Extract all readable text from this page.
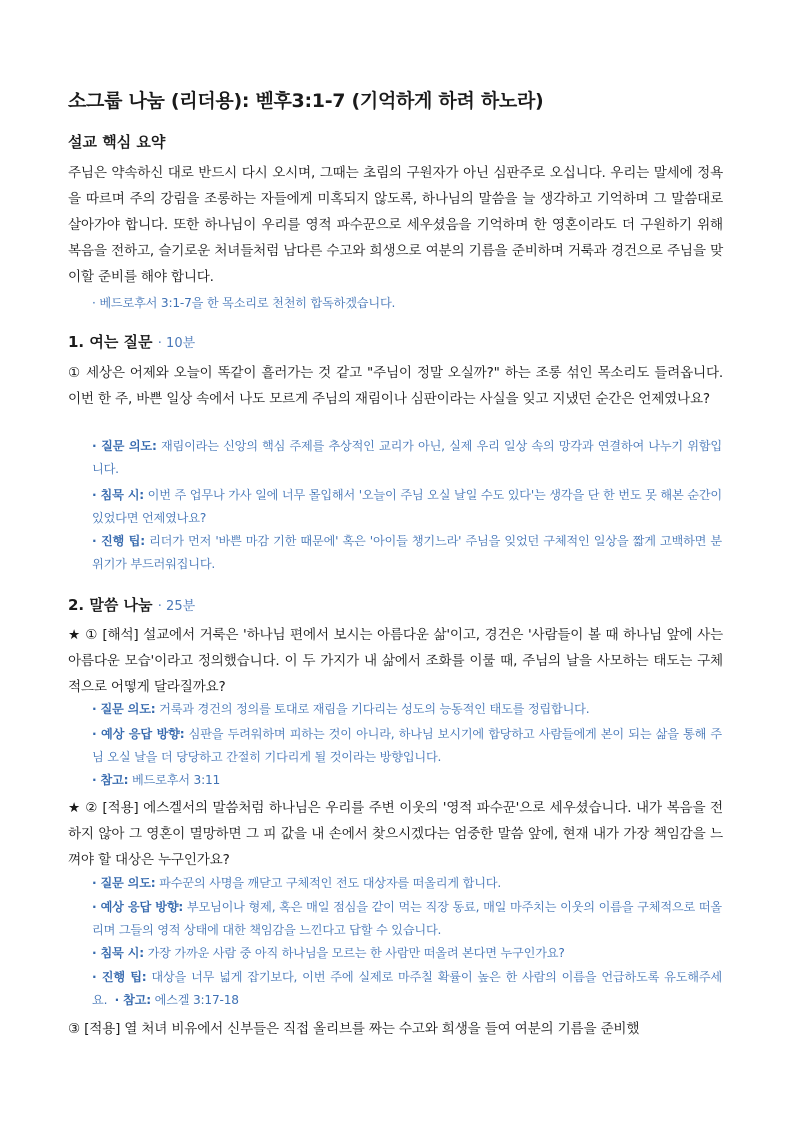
소그룹 나눔 (리더용): 벧후3:1-7 (기억하게 하려 하노라)
설교 핵심 요약

주님은 약속하신 대로 반드시 다시 오시며, 그때는 초림의 구원자가 아닌 심판주로 오십니다. 우리는 말세에 정욕을 따르며 주의 강림을 조롱하는 자들에게 미혹되지 않도록, 하나님의 말씀을 늘 생각하고 기억하며 그 말씀대로 살아가야 합니다. 또한 하나님이 우리를 영적 파수꾼으로 세우셨음을 기억하며 한 영혼이라도 더 구원하기 위해 복음을 전하고, 슬기로운 처녀들처럼 남다른 수고와 희생으로 여분의 기름을 준비하며 거룩과 경건으로 주님을 맞이할 준비를 해야 합니다.

· 베드로후서 3:1-7을 한 목소리로 천천히 합독하겠습니다.

1. 여는 질문 · 10분

① 세상은 어제와 오늘이 똑같이 흘러가는 것 같고 "주님이 정말 오실까?" 하는 조롱 섞인 목소리도 들려옵니다. 이번 한 주, 바쁜 일상 속에서 나도 모르게 주님의 재림이나 심판이라는 사실을 잊고 지냈던 순간은 언제였나요?

· 질문 의도: 재림이라는 신앙의 핵심 주제를 추상적인 교리가 아닌, 실제 우리 일상 속의 망각과 연결하여 나누기 위함입니다.

· 침묵 시: 이번 주 업무나 가사 일에 너무 몰입해서 '오늘이 주님 오실 날일 수도 있다'는 생각을 단 한 번도 못 해본 순간이 있었다면 언제였나요?

· 진행 팁: 리더가 먼저 '바쁜 마감 기한 때문에' 혹은 '아이들 챙기느라' 주님을 잊었던 구체적인 일상을 짧게 고백하면 분위기가 부드러워집니다.

2. 말씀 나눔 · 25분

★ ① [해석] 설교에서 거룩은 '하나님 편에서 보시는 아름다운 삶'이고, 경건은 '사람들이 볼 때 하나님 앞에 사는 아름다운 모습'이라고 정의했습니다. 이 두 가지가 내 삶에서 조화를 이룰 때, 주님의 날을 사모하는 태도는 구체적으로 어떻게 달라질까요?

· 질문 의도: 거룩과 경건의 정의를 토대로 재림을 기다리는 성도의 능동적인 태도를 정립합니다.

· 예상 응답 방향: 심판을 두려워하며 피하는 것이 아니라, 하나님 보시기에 합당하고 사람들에게 본이 되는 삶을 통해 주님 오실 날을 더 당당하고 간절히 기다리게 될 것이라는 방향입니다.

· 참고: 베드로후서 3:11

★ ② [적용] 에스겔서의 말씀처럼 하나님은 우리를 주변 이웃의 '영적 파수꾼'으로 세우셨습니다. 내가 복음을 전하지 않아 그 영혼이 멸망하면 그 피 값을 내 손에서 찾으시겠다는 엄중한 말씀 앞에, 현재 내가 가장 책임감을 느껴야 할 대상은 누구인가요?

· 질문 의도: 파수꾼의 사명을 깨닫고 구체적인 전도 대상자를 떠올리게 합니다.

· 예상 응답 방향: 부모님이나 형제, 혹은 매일 점심을 같이 먹는 직장 동료, 매일 마주치는 이웃의 이름을 구체적으로 떠올리며 그들의 영적 상태에 대한 책임감을 느낀다고 답할 수 있습니다.

· 침묵 시: 가장 가까운 사람 중 아직 하나님을 모르는 한 사람만 떠올려 본다면 누구인가요?

· 진행 팁: 대상을 너무 넓게 잡기보다, 이번 주에 실제로 마주칠 확률이 높은 한 사람의 이름을 언급하도록 유도해주세요. · 참고: 에스겔 3:17-18

③ [적용] 열 처녀 비유에서 신부들은 직접 올리브를 짜는 수고와 희생을 들여 여분의 기름을 준비했
